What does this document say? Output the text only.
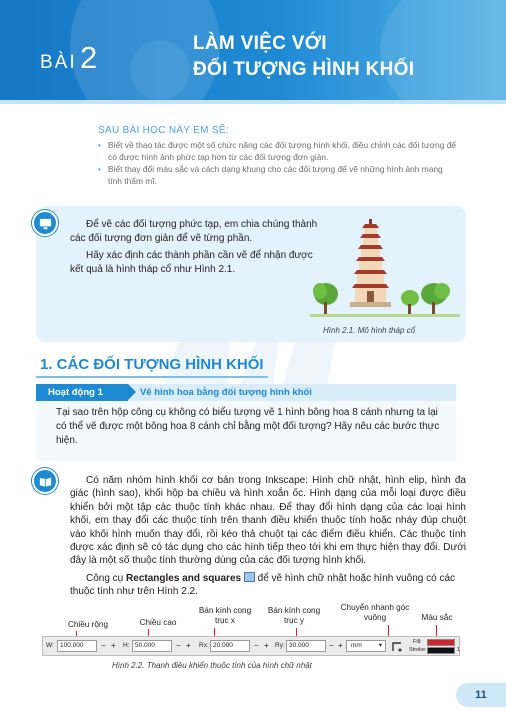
BÀI 2	LÀM VIỆC VỚI
ĐỐI TƯỢNG HÌNH KHỐI
SAU BÀI HỌC NÀY EM SẼ:
• Biết về thao tác được một số chức năng các đối tượng hình khối, điều chỉnh các đối tượng để có được hình ảnh phức tạp hơn từ các đối tượng đơn giản.
• Biết thay đổi màu sắc và cách dạng khung cho các đối tượng để vẽ những hình ảnh mang tính thẩm mĩ.

Để vẽ các đối tượng phức tạp, em chia chúng thành các đối tượng đơn giản để vẽ từng phần.

Hãy xác định các thành phần cần vẽ để nhận được kết quả là hình tháp cổ như Hình 2.1.

Hình 2.1. Mô hình tháp cổ
1. CÁC ĐỐI TƯỢNG HÌNH KHỐI
Hoạt động 1	Vẽ hình hoa bằng đối tượng hình khối
Tại sao trên hộp công cụ không có biểu tượng vẽ 1 hình bông hoa 8 cánh nhưng ta lại có thể vẽ được một bông hoa 8 cánh chỉ bằng một đối tượng? Hãy nêu các bước thực hiện.

Có năm nhóm hình khối cơ bản trong Inkscape: Hình chữ nhật, hình elip, hình đa giác (hình sao), khối hộp ba chiều và hình xoắn ốc. Hình dạng của mỗi loại được điều khiển bởi một tập các thuộc tính khác nhau. Để thay đổi hình dạng của các loại hình khối, em thay đổi các thuộc tính trên thanh điều khiển thuộc tính hoặc nháy đúp chuột vào khối hình muốn thay đổi, rồi kéo thả chuột tại các điểm điều khiển. Các thuộc tính được xác định sẽ có tác dụng cho các hình tiếp theo tới khi em thực hiện thay đổi. Dưới đây là một số thuộc tính thường dùng của các đối tượng hình khối.

Công cụ Rectangles and squares để vẽ hình chữ nhật hoặc hình vuông có các thuộc tính như trên Hình 2.2.

Chiều rộng	Chiều cao
Bán kính cong trục x
Bán kính cong trục y
Chuyển nhanh góc vuông	Màu sắc
W: 100.000	− + H: 50.000	− + Rx: 20.000	− + Ry: 30.000	− +	mm	▾	Fill:
Stroke:	1
Hình 2.2. Thanh điều khiển thuộc tính của hình chữ nhật
11
